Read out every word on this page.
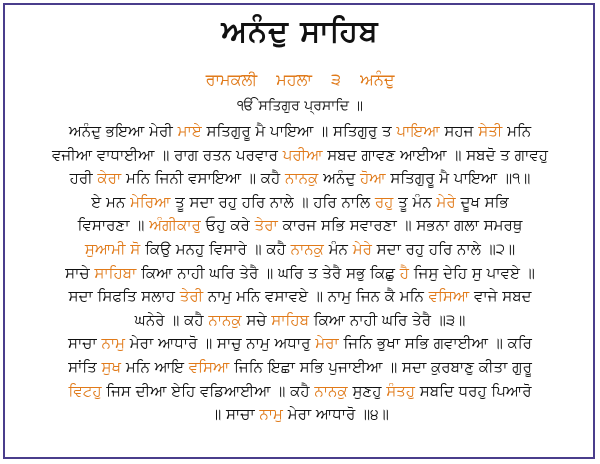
ਅਨੰਦੁ ਸਾਹਿਬ
ਰਾਮਕਲੀ ਮਹਲਾ ੩ ਅਨੰਦੁ
ੴ ਸਤਿਗੁਰ ਪ੍ਰਸਾਦਿ ॥
ਅਨੰਦੁ ਭਇਆ ਮੇਰੀ ਮਾਏ ਸਤਿਗੁਰੂ ਮੈ ਪਾਇਆ ॥ ਸਤਿਗੁਰੁ ਤ ਪਾਇਆ ਸਹਜ ਸੇਤੀ ਮਨਿ
ਵਜੀਆ ਵਾਧਾਈਆ ॥ ਰਾਗ ਰਤਨ ਪਰਵਾਰ ਪਰੀਆ ਸਬਦ ਗਾਵਣ ਆਈਆ ॥ ਸਬਦੋ ਤ ਗਾਵਹੁ
ਹਰੀ ਕੇਰਾ ਮਨਿ ਜਿਨੀ ਵਸਾਇਆ ॥ ਕਹੈ ਨਾਨਕੁ ਅਨੰਦੁ ਹੋਆ ਸਤਿਗੁਰੂ ਮੈ ਪਾਇਆ ॥੧॥
ਏ ਮਨ ਮੇਰਿਆ ਤੂ ਸਦਾ ਰਹੁ ਹਰਿ ਨਾਲੇ ॥ ਹਰਿ ਨਾਲਿ ਰਹੁ ਤੂ ਮੰਨ ਮੇਰੇ ਦੂਖ ਸਭਿ
ਵਿਸਾਰਣਾ ॥ ਅੰਗੀਕਾਰੁ ਓਹੁ ਕਰੇ ਤੇਰਾ ਕਾਰਜ ਸਭਿ ਸਵਾਰਣਾ ॥ ਸਭਨਾ ਗਲਾ ਸਮਰਥੁ
ਸੁਆਮੀ ਸੋ ਕਿਉ ਮਨਹੁ ਵਿਸਾਰੇ ॥ ਕਹੈ ਨਾਨਕੁ ਮੰਨ ਮੇਰੇ ਸਦਾ ਰਹੁ ਹਰਿ ਨਾਲੇ ॥੨॥
ਸਾਚੇ ਸਾਹਿਬਾ ਕਿਆ ਨਾਹੀ ਘਰਿ ਤੇਰੈ ॥ ਘਰਿ ਤ ਤੇਰੈ ਸਭੁ ਕਿਛੁ ਹੈ ਜਿਸੁ ਦੇਹਿ ਸੁ ਪਾਵਏ ॥
ਸਦਾ ਸਿਫਤਿ ਸਲਾਹ ਤੇਰੀ ਨਾਮੁ ਮਨਿ ਵਸਾਵਏ ॥ ਨਾਮੁ ਜਿਨ ਕੈ ਮਨਿ ਵਸਿਆ ਵਾਜੇ ਸਬਦ
ਘਨੇਰੇ ॥ ਕਹੈ ਨਾਨਕੁ ਸਚੇ ਸਾਹਿਬ ਕਿਆ ਨਾਹੀ ਘਰਿ ਤੇਰੈ ॥੩॥
ਸਾਚਾ ਨਾਮੁ ਮੇਰਾ ਆਧਾਰੋ ॥ ਸਾਚੁ ਨਾਮੁ ਅਧਾਰੁ ਮੇਰਾ ਜਿਨਿ ਭੁਖਾ ਸਭਿ ਗਵਾਈਆ ॥ ਕਰਿ
ਸਾਂਤਿ ਸੁਖ ਮਨਿ ਆਇ ਵਸਿਆ ਜਿਨਿ ਇਛਾ ਸਭਿ ਪੁਜਾਈਆ ॥ ਸਦਾ ਕੁਰਬਾਣੁ ਕੀਤਾ ਗੁਰੂ
ਵਿਟਹੁ ਜਿਸ ਦੀਆ ਏਹਿ ਵਡਿਆਈਆ ॥ ਕਹੈ ਨਾਨਕੁ ਸੁਣਹੁ ਸੰਤਹੁ ਸਬਦਿ ਧਰਹੁ ਪਿਆਰੋ
॥ ਸਾਚਾ ਨਾਮੁ ਮੇਰਾ ਆਧਾਰੋ ॥੪॥
